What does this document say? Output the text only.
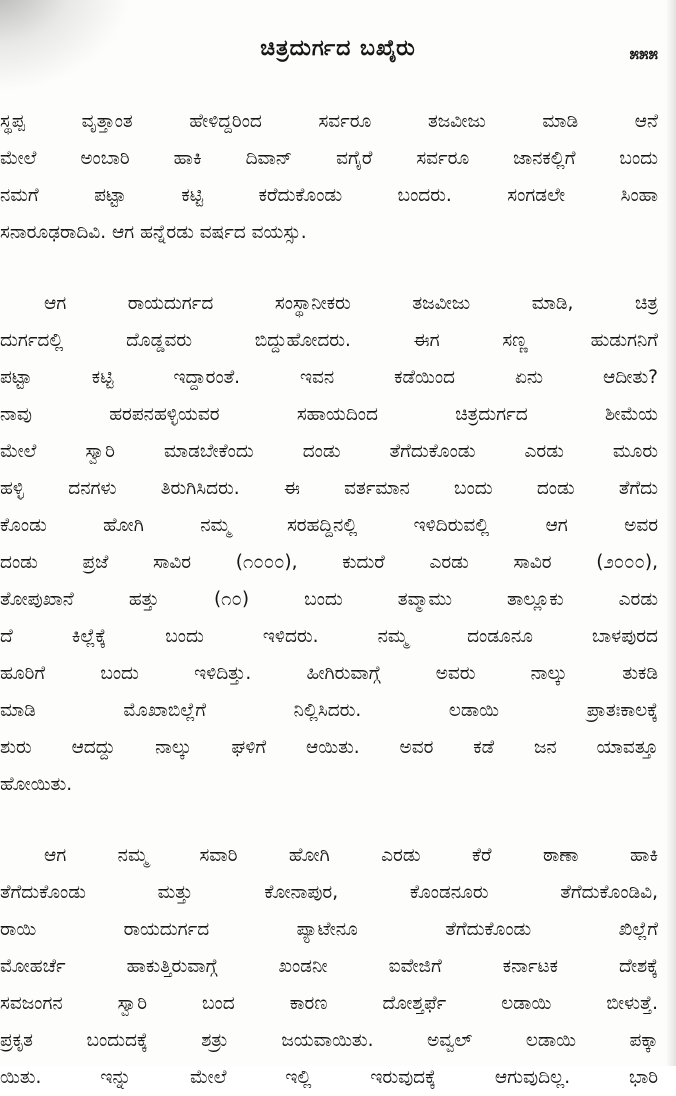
ಚಿತ್ರದುರ್ಗದ ಬಖೈರು	೫೫೫
ಸ್ಥಪ್ಪ ವೃತ್ತಾಂತ ಹೇಳಿದ್ದರಿಂದ ಸರ್ವರೂ ತಜವೀಜು ಮಾಡಿ ಆನೆ
ಮೇಲೆ ಅಂಬಾರಿ ಹಾಕಿ ದಿವಾನ್ ವಗೈರೆ ಸರ್ವರೂ ಜಾನಕಲ್ಲಿಗೆ ಬಂದು
ನಮಗೆ ಪಟ್ಟಾ ಕಟ್ಟಿ ಕರೆದುಕೊಂಡು ಬಂದರು. ಸಂಗಡಲೇ ಸಿಂಹಾ
ಸನಾರೂಢರಾದಿವಿ. ಆಗ ಹನ್ನೆರಡು ವರ್ಷದ ವಯಸ್ಸು.
ಆಗ ರಾಯದುರ್ಗದ ಸಂಸ್ಥಾನೀಕರು ತಜವೀಜು ಮಾಡಿ, ಚಿತ್ರ
ದುರ್ಗದಲ್ಲಿ ದೊಡ್ಡವರು ಬಿದ್ದುಹೋದರು. ಈಗ ಸಣ್ಣ ಹುಡುಗನಿಗೆ
ಪಟ್ಟಾ ಕಟ್ಟಿ ಇದ್ದಾರಂತೆ. ಇವನ ಕಡೆಯಿಂದ ಏನು ಆದೀತು?
ನಾವು ಹರಪನಹಳ್ಳಿಯವರ ಸಹಾಯದಿಂದ ಚಿತ್ರದುರ್ಗದ ಶೀಮೆಯ
ಮೇಲೆ ಸ್ವಾರಿ ಮಾಡಬೇಕೆಂದು ದಂಡು ತೆಗೆದುಕೊಂಡು ಎರಡು ಮೂರು
ಹಳ್ಳಿ ದನಗಳು ತಿರುಗಿಸಿದರು. ಈ ವರ್ತಮಾನ ಬಂದು ದಂಡು ತೆಗೆದು
ಕೊಂಡು ಹೋಗಿ ನಮ್ಮ ಸರಹದ್ದಿನಲ್ಲಿ ಇಳಿದಿರುವಲ್ಲಿ ಆಗ ಅವರ
ದಂಡು ಪ್ರಜೆ ಸಾವಿರ (೧೦೦೦), ಕುದುರೆ ಎರಡು ಸಾವಿರ (೨೦೦೦),
ತೋಪುಖಾನೆ ಹತ್ತು (೧೦) ಬಂದು ತವ್ಮಾಮು ತಾಲ್ಲೂಕು ಎರಡು
ದೆ ಕಿಲ್ಲೆಕ್ಕೆ ಬಂದು ಇಳಿದರು. ನಮ್ಮ ದಂಡೂನೂ ಬಾಳಪುರದ
ಹೂರಿಗೆ ಬಂದು ಇಳಿದಿತ್ತು. ಹೀಗಿರುವಾಗ್ಗೆ ಅವರು ನಾಲ್ಕು ತುಕಡಿ
ಮಾಡಿ ಮೊಖಾಬಿಲ್ಲೆಗೆ ನಿಲ್ಲಿಸಿದರು. ಲಡಾಯಿ ಪ್ರಾತಃಕಾಲಕ್ಕೆ
ಶುರು ಆದದ್ದು ನಾಲ್ಕು ಘಳಿಗೆ ಆಯಿತು. ಅವರ ಕಡೆ ಜನ ಯಾವತ್ತೂ
ಹೋಯಿತು.
ಆಗ ನಮ್ಮ ಸವಾರಿ ಹೋಗಿ ಎರಡು ಕೆರೆ ಠಾಣಾ ಹಾಕಿ
ತೆಗೆದುಕೊಂಡು ಮತ್ತು ಕೋನಾಪುರ, ಕೊಂಡನೂರು ತೆಗೆದುಕೊಂಡಿವಿ,
ರಾಯಿ ರಾಯದುರ್ಗದ ಪ್ಯಾಟೇನೂ ತೆಗೆದುಕೊಂಡು ಖಿಲ್ಲೆಗೆ
ಮೋಹರ್ಚೆ ಹಾಕುತ್ತಿರುವಾಗ್ಗೆ ಖಂಡನೀ ಐವೇಜಿಗೆ ಕರ್ನಾಟಕ ದೇಶಕ್ಕೆ
ಸವಜಂಗನ ಸ್ವಾರಿ ಬಂದ ಕಾರಣ ದೋಶ್ತರ್ಫೆ ಲಡಾಯಿ ಬೀಳುತ್ತೆ.
ಪ್ರಕೃತ ಬಂದುದಕ್ಕೆ ಶತ್ರು ಜಯವಾಯಿತು. ಅವ್ವಲ್ ಲಡಾಯಿ ಪಕ್ಕಾ
ಯಿತು. ಇನ್ನು ಮೇಲೆ ಇಲ್ಲಿ ಇರುವುದಕ್ಕೆ ಆಗುವುದಿಲ್ಲ. ಭಾರಿ
